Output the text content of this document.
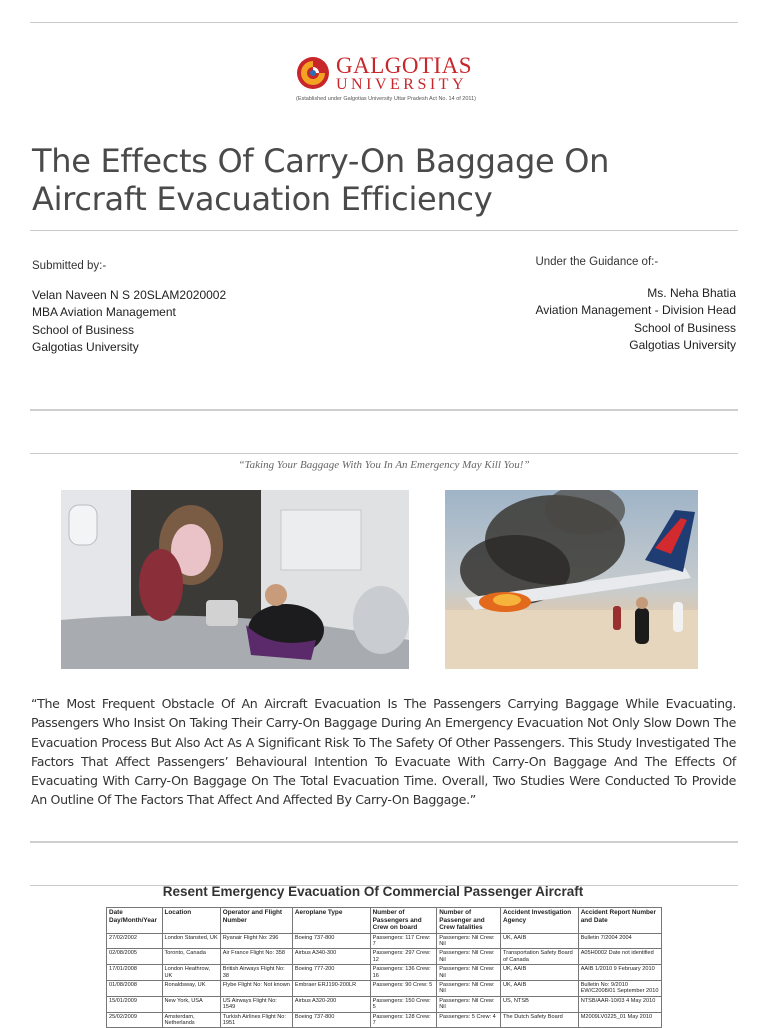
GALGOTIAS
UNIVERSITY
(Established under Galgotias University Uttar Pradesh Act No. 14 of 2011)
The Effects Of Carry-On Baggage On Aircraft Evacuation Efficiency
Submitted by:-
Velan Naveen N S 20SLAM2020002
MBA Aviation Management
School of Business
Galgotias University
Under the Guidance of:-
Ms. Neha Bhatia
Aviation Management - Division Head
School of Business
Galgotias University
“Taking Your Baggage With You In An Emergency May Kill You!”
“The Most Frequent Obstacle Of An Aircraft Evacuation Is The Passengers Carrying Baggage While Evacuating. Passengers Who Insist On Taking Their Carry-On Baggage During An Emergency Evacuation Not Only Slow Down The Evacuation Process But Also Act As A Significant Risk To The Safety Of Other Passengers. This Study Investigated The Factors That Affect Passengers’ Behavioural Intention To Evacuate With Carry-On Baggage And The Effects Of Evacuating With Carry-On Baggage On The Total Evacuation Time. Overall, Two Studies Were Conducted To Provide An Outline Of The Factors That Affect And Affected By Carry-On Baggage.”
Resent Emergency Evacuation Of Commercial Passenger Aircraft
Date Day/Month/Year	Location	Operator and Flight Number	Aeroplane Type	Number of Passengers and Crew on board	Number of Passenger and Crew fatalities	Accident Investigation Agency	Accident Report Number and Date
27/02/2002	London Stansted, UK	Ryanair Flight No: 296	Boeing 737-800	Passengers: 117 Crew: 7	Passengers: Nil Crew: Nil	UK, AAIB	Bulletin 7/2004 2004
02/08/2005	Toronto, Canada	Air France Flight No: 358	Airbus A340-300	Passengers: 297 Crew: 12	Passengers: Nil Crew: Nil	Transportation Safety Board of Canada	A05H0002 Date not identified
17/01/2008	London Heathrow, UK	British Airways Flight No: 38	Boeing 777-200	Passengers: 136 Crew: 16	Passengers: Nil Crew: Nil	UK, AAIB	AAIB 1/2010 9 February 2010
01/08/2008	Ronaldsway, UK	Flybe Flight No: Not known	Embraer ERJ190-200LR	Passengers: 90 Crew: 5	Passengers: Nil Crew: Nil	UK, AAIB	Bulletin No: 9/2010 EW/C2008/01 September 2010
15/01/2009	New York, USA	US Airways Flight No: 1549	Airbus A320-200	Passengers: 150 Crew: 5	Passengers: Nil Crew: Nil	US, NTSB	NTSB/AAR-10/03 4 May 2010
25/02/2009	Amsterdam, Netherlands	Turkish Airlines Flight No: 1951	Boeing 737-800	Passengers: 128 Crew: 7	Passengers: 5 Crew: 4	The Dutch Safety Board	M2009LV0225_01 May 2010
